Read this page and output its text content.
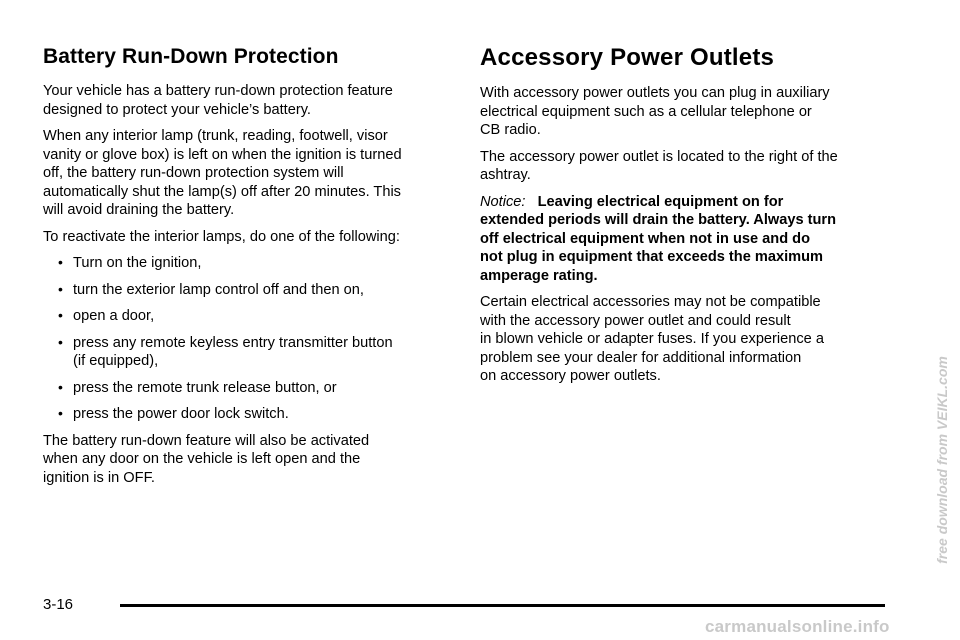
Battery Run-Down Protection

Your vehicle has a battery run-down protection feature
designed to protect your vehicle’s battery.

When any interior lamp (trunk, reading, footwell, visor
vanity or glove box) is left on when the ignition is turned
off, the battery run-down protection system will
automatically shut the lamp(s) off after 20 minutes. This
will avoid draining the battery.

To reactivate the interior lamps, do one of the following:

• Turn on the ignition,
• turn the exterior lamp control off and then on,
• open a door,
• press any remote keyless entry transmitter button
(if equipped),
• press the remote trunk release button, or
• press the power door lock switch.

The battery run-down feature will also be activated
when any door on the vehicle is left open and the
ignition is in OFF.

Accessory Power Outlets

With accessory power outlets you can plug in auxiliary
electrical equipment such as a cellular telephone or
CB radio.

The accessory power outlet is located to the right of the
ashtray.

Notice: Leaving electrical equipment on for
extended periods will drain the battery. Always turn
off electrical equipment when not in use and do
not plug in equipment that exceeds the maximum
amperage rating.

Certain electrical accessories may not be compatible
with the accessory power outlet and could result
in blown vehicle or adapter fuses. If you experience a
problem see your dealer for additional information
on accessory power outlets.

3-16
free download from VEIKL.com
carmanualsonline.info
